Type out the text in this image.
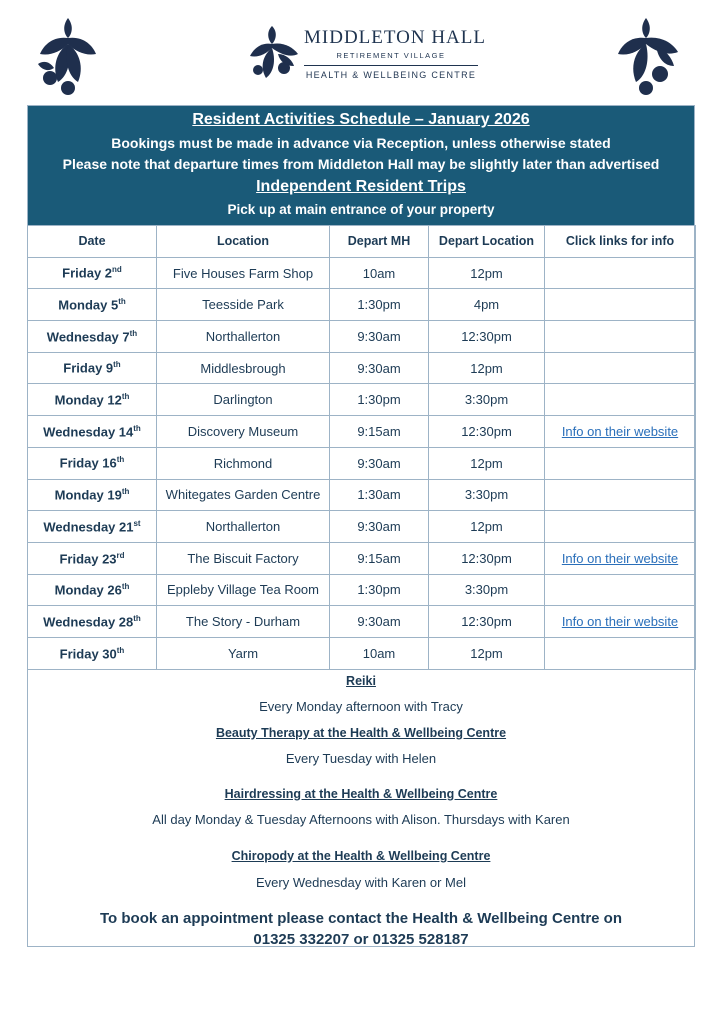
MIDDLETON HALL
RETIREMENT VILLAGE
HEALTH & WELLBEING CENTRE
Resident Activities Schedule – January 2026
Bookings must be made in advance via Reception, unless otherwise stated
Please note that departure times from Middleton Hall may be slightly later than advertised
Independent Resident Trips
Pick up at main entrance of your property
Date	Location	Depart MH	Depart Location	Click links for info
Friday 2nd	Five Houses Farm Shop	10am	12pm	
Monday 5th	Teesside Park	1:30pm	4pm	
Wednesday 7th	Northallerton	9:30am	12:30pm	
Friday 9th	Middlesbrough	9:30am	12pm	
Monday 12th	Darlington	1:30pm	3:30pm	
Wednesday 14th	Discovery Museum	9:15am	12:30pm	Info on their website
Friday 16th	Richmond	9:30am	12pm	
Monday 19th	Whitegates Garden Centre	1:30am	3:30pm	
Wednesday 21st	Northallerton	9:30am	12pm	
Friday 23rd	The Biscuit Factory	9:15am	12:30pm	Info on their website
Monday 26th	Eppleby Village Tea Room	1:30pm	3:30pm	
Wednesday 28th	The Story - Durham	9:30am	12:30pm	Info on their website
Friday 30th	Yarm	10am	12pm	
Reiki
Every Monday afternoon with Tracy
Beauty Therapy at the Health & Wellbeing Centre
Every Tuesday with Helen
Hairdressing at the Health & Wellbeing Centre
All day Monday & Tuesday Afternoons with Alison. Thursdays with Karen
Chiropody at the Health & Wellbeing Centre
Every Wednesday with Karen or Mel
To book an appointment please contact the Health & Wellbeing Centre on
01325 332207 or 01325 528187
